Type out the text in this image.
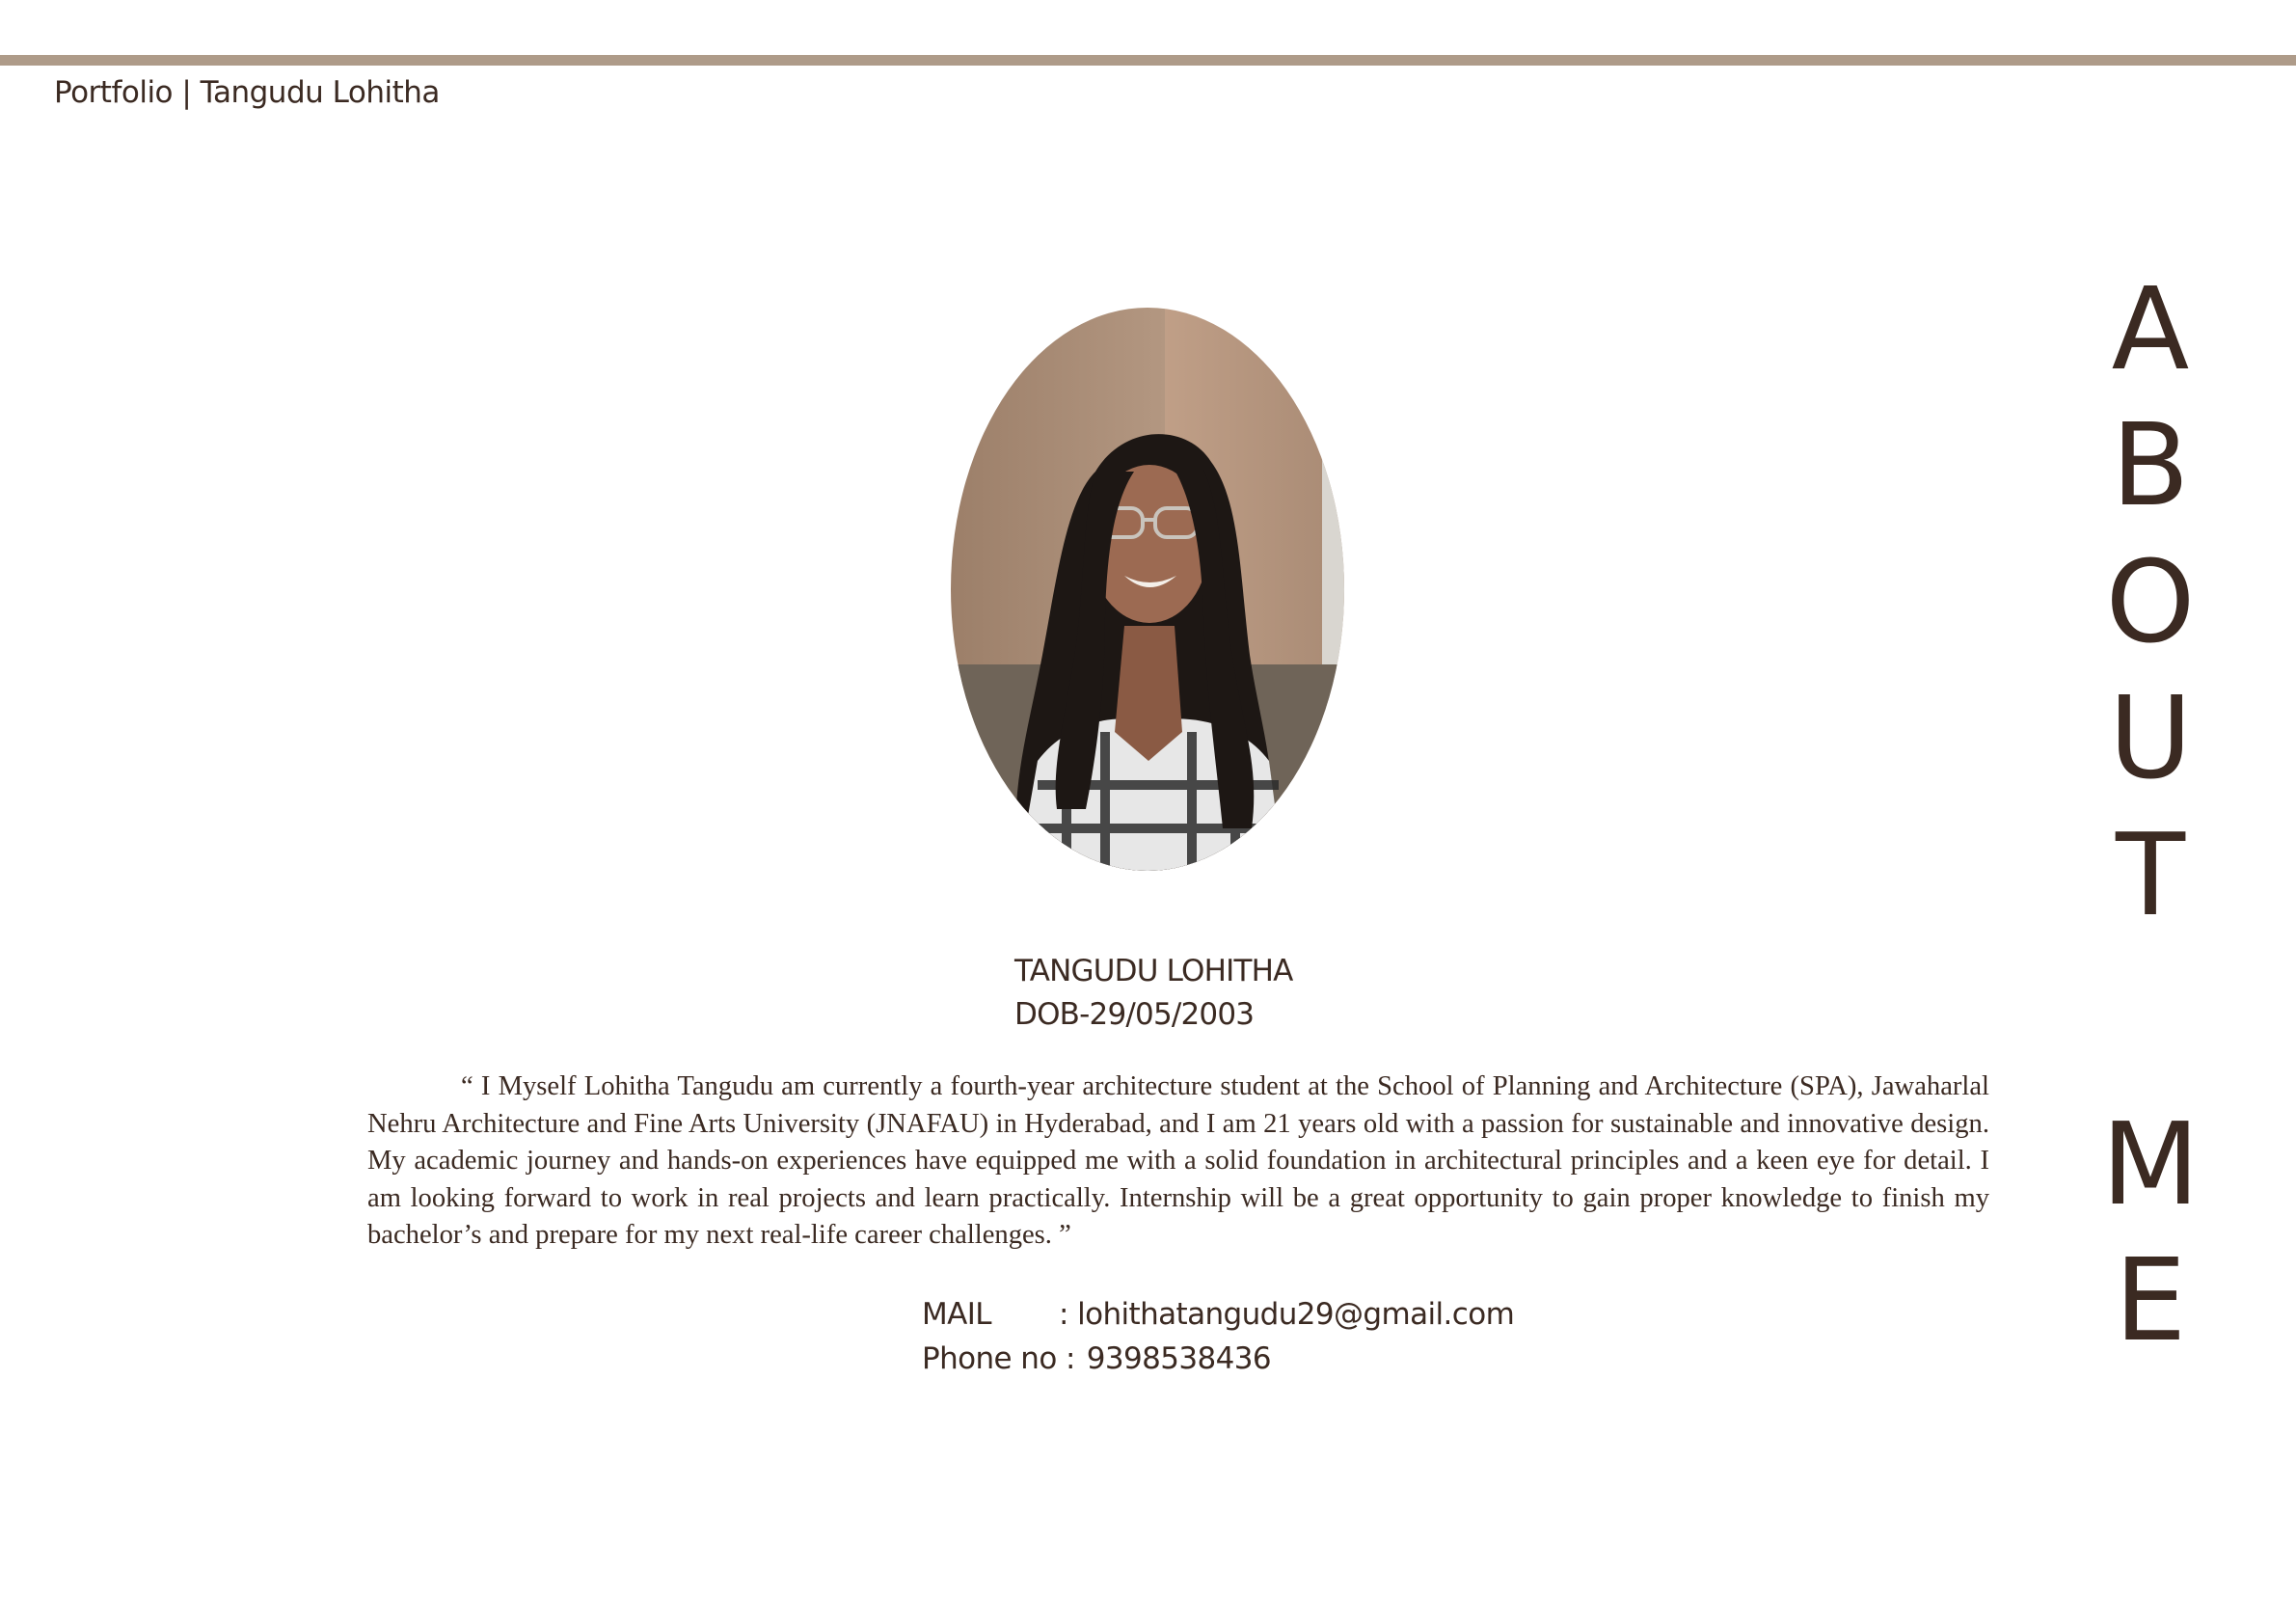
Portfolio | Tangudu Lohitha
TANGUDU LOHITHA
DOB-29/05/2003

“ I Myself Lohitha Tangudu am currently a fourth-year architecture student at the School of Planning and Architecture (SPA), Jawaharlal Nehru Architecture and Fine Arts University (JNAFAU) in Hyderabad, and I am 21 years old with a passion for sustainable and innovative design. My academic journey and hands-on experiences have equipped me with a solid foundation in architectural principles and a keen eye for detail. I am looking forward to work in real projects and learn practically. Internship will be a great opportunity to gain proper knowledge to finish my bachelor’s and prepare for my next real-life career challenges. ”

MAIL	: lohithatangudu29@gmail.com
Phone no : 9398538436
A
B
O
U
T
M
E
